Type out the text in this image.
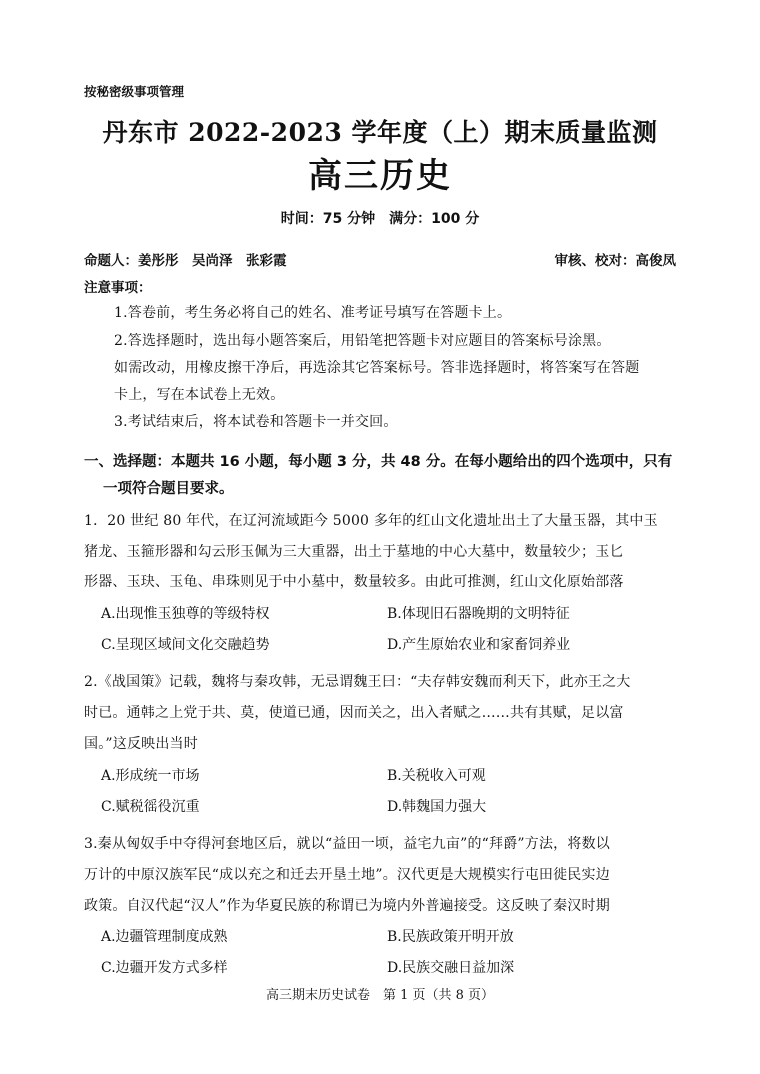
按秘密级事项管理
丹东市 2022-2023 学年度（上）期末质量监测
高三历史
时间：75 分钟　满分：100 分
命题人：姜彤彤　吴尚泽　张彩霞	审核、校对：高俊凤
注意事项：
1.答卷前，考生务必将自己的姓名、准考证号填写在答题卡上。
2.答选择题时，选出每小题答案后，用铅笔把答题卡对应题目的答案标号涂黑。
如需改动，用橡皮擦干净后，再选涂其它答案标号。答非选择题时，将答案写在答题
卡上，写在本试卷上无效。
3.考试结束后，将本试卷和答题卡一并交回。
一、选择题：本题共 16 小题，每小题 3 分，共 48 分。在每小题给出的四个选项中，只有
一项符合题目要求。
1．20 世纪 80 年代，在辽河流域距今 5000 多年的红山文化遗址出土了大量玉器，其中玉
猪龙、玉箍形器和勾云形玉佩为三大重器，出土于墓地的中心大墓中，数量较少；玉匕
形器、玉玦、玉龟、串珠则见于中小墓中，数量较多。由此可推测，红山文化原始部落
A.出现惟玉独尊的等级特权	B.体现旧石器晚期的文明特征
C.呈现区域间文化交融趋势	D.产生原始农业和家畜饲养业
2.《战国策》记载，魏将与秦攻韩，无忌谓魏王曰：“夫存韩安魏而利天下，此亦王之大
时已。通韩之上党于共、莫，使道已通，因而关之，出入者赋之……共有其赋，足以富
国。”这反映出当时
A.形成统一市场	B.关税收入可观
C.赋税徭役沉重	D.韩魏国力强大
3.秦从匈奴手中夺得河套地区后，就以“益田一顷，益宅九亩”的“拜爵”方法，将数以
万计的中原汉族军民“成以充之和迁去开垦土地”。汉代更是大规模实行屯田徙民实边
政策。自汉代起“汉人”作为华夏民族的称谓已为境内外普遍接受。这反映了秦汉时期
A.边疆管理制度成熟	B.民族政策开明开放
C.边疆开发方式多样	D.民族交融日益加深
高三期末历史试卷　第 1 页（共 8 页）
